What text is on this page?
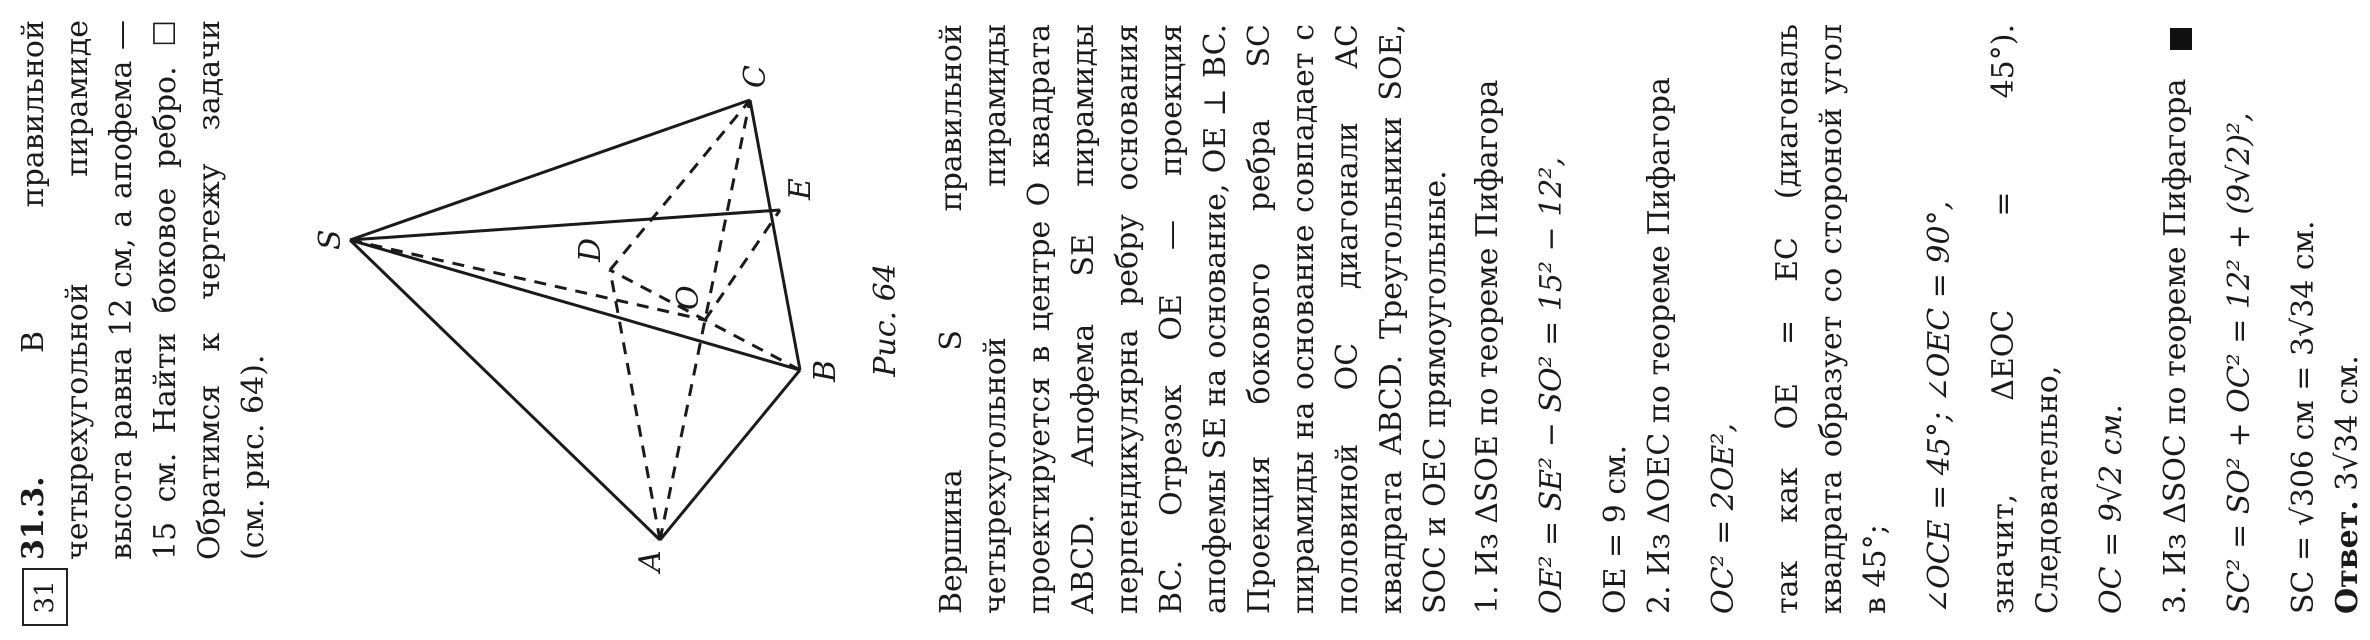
31
31.3. В правильной четырехугольной пирамиде высота равна 12 см, а апофема — 15 см. Найти боковое ребро. ☐ Обратимся к чертежу задачи (см. рис. 64).
S
C
E
B
O
D
A
Рис. 64 Вершина S правильной четырехугольной пирамиды проектируется в центре O квадрата ABCD. Апофема SE пирамиды перпендикулярна ребру основания BC. Отрезок OE — проекция апофемы SE на основание, OE ⊥ BC. Проекция бокового ребра SC пирамиды на основание совпадает с половиной OC диагонали AC квадрата ABCD. Треугольники SOE, SOC и OEC прямоугольные. 1. Из ΔSOE по теореме Пифагора OE² = SE² − SO² = 15² − 12², OE = 9 см. 2. Из ΔOEC по теореме Пифагора OC² = 2OE², так как OE = EC (диагональ квадрата образует со стороной угол в 45°; ∠OCE = 45°; ∠OEC = 90°, значит, ΔEOC = 45°). Следовательно, OC = 9√2 см. 3. Из ΔSOC по теореме Пифагора SC² = SO² + OC² = 12² + (9√2)², SC = √306 см = 3√34 см. Ответ. 3√34 см.
